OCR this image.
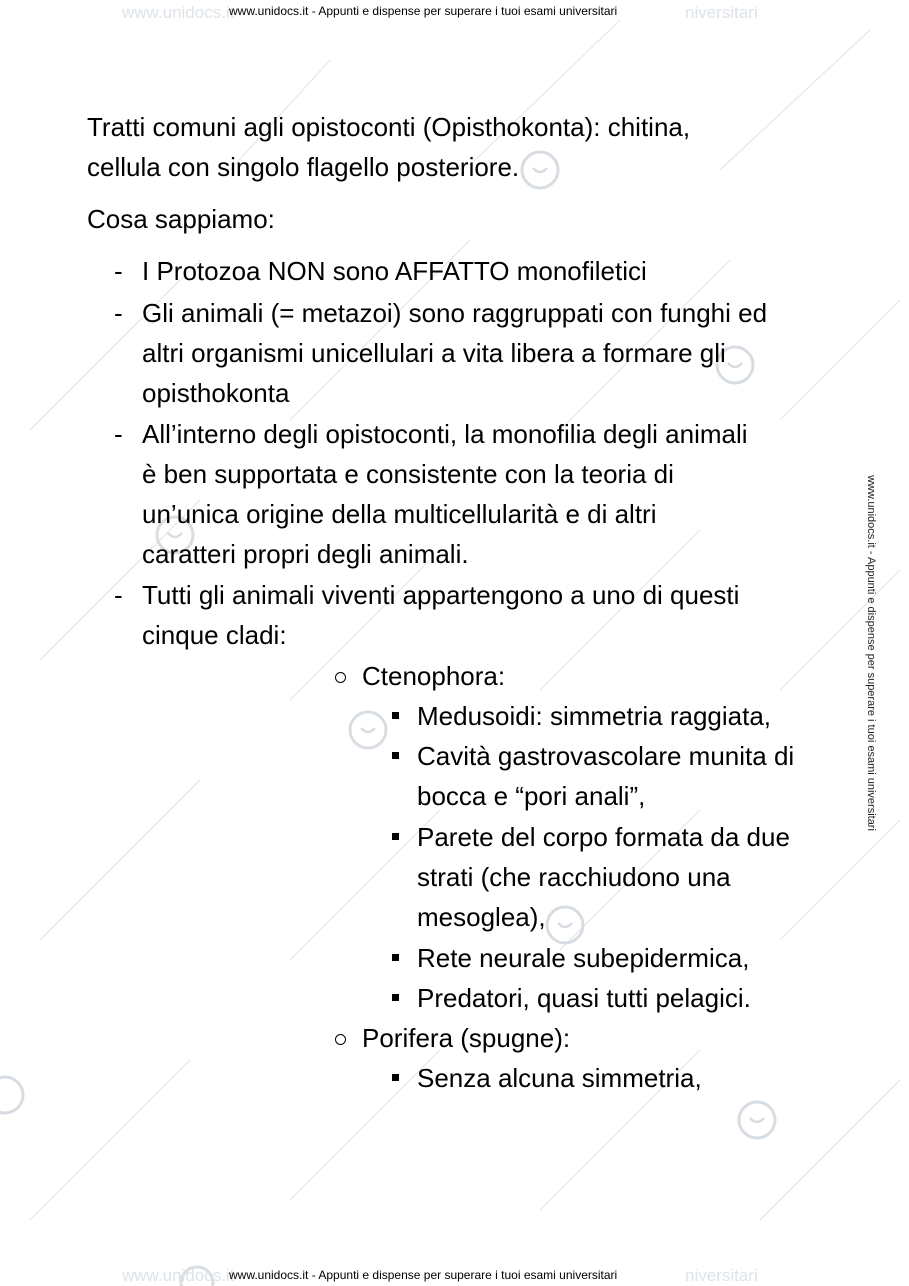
www.unidocs.it
www.unidocs.it - Appunti e dispense per superare i tuoi esami universitari	niversitari
www.unidocs.it
www.unidocs.it - Appunti e dispense per superare i tuoi esami universitari	niversitari
www.unidocs.it - Appunti e dispense per superare i tuoi esami universitari
Tratti comuni agli opistoconti (Opisthokonta): chitina,
cellula con singolo flagello posteriore.
Cosa sappiamo:
- I Protozoa NON sono AFFATTO monofiletici
- Gli animali (= metazoi) sono raggruppati con funghi ed
altri organismi unicellulari a vita libera a formare gli
opisthokonta
- All’interno degli opistoconti, la monofilia degli animali
è ben supportata e consistente con la teoria di
un’unica origine della multicellularità e di altri
caratteri propri degli animali.
- Tutti gli animali viventi appartengono a uno di questi
cinque cladi:
Ctenophora:
Medusoidi: simmetria raggiata,
Cavità gastrovascolare munita di
bocca e “pori anali”,
Parete del corpo formata da due
strati (che racchiudono una
mesoglea),
Rete neurale subepidermica,
Predatori, quasi tutti pelagici.
Porifera (spugne):
Senza alcuna simmetria,
